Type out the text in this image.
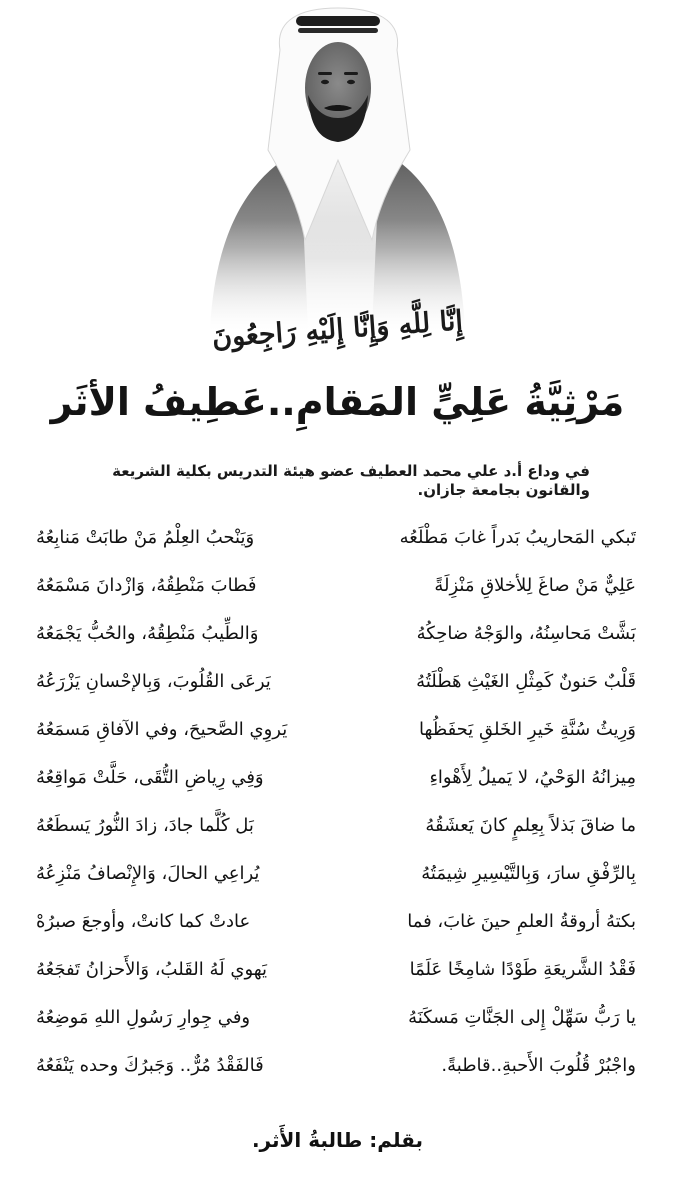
إِنَّا لِلَّهِ وَإِنَّا إِلَيْهِ رَاجِعُونَ
مَرْثِيَّةُ عَلِيٍّ المَقامِ..عَطِيفُ الأثَر
في وداع أ.د علي محمد العطيف عضو هيئة التدريس بكلية الشريعة
والقانون بجامعة جازان.
تَبكي المَحاريبُ بَدراً غابَ مَطْلَعُه
وَيَنْحبُ العِلْمُ مَنْ طابَتْ مَنابِعُهُ
عَلِيٌّ مَنْ صاغَ لِلأخلاقِ مَنْزِلَةً
فَطابَ مَنْطِقُهُ، وَازْدانَ مَسْمَعُهُ
بَشَّتْ مَحاسِنُهُ، والوَجْهُ ضاحِكُهُ
وَالطِّيبُ مَنْطِقُهُ، والحُبُّ يَجْمَعُهُ
قَلْبٌ حَنونٌ كَمِثْلِ الغَيْثِ هَطْلَتُهُ
يَرعَى القُلُوبَ، وَبِالإحْسانِ يَزْرَعُهُ
وَرِيثُ سُنَّةِ خَيرِ الخَلقِ يَحفَظُها
يَروِي الصَّحيحَ، وفي الآفاقِ مَسمَعُهُ
مِيزانُهُ الوَحْيُ، لا يَميلُ لِأَهْواءِ
وَفِي رِياضِ التُّقَى، حَلَّتْ مَواقِعُهُ
ما ضاقَ بَذلاً بِعِلمٍ كانَ يَعشَقُهُ
بَل كُلَّما جادَ، زادَ النُّورُ يَسطَعُهُ
بِالرِّفْقِ سارَ، وَبِالتَّيْسِيرِ شِيمَتُهُ
يُراعِي الحالَ، وَالإِنْصافُ مَنْزِعُهُ
بكتهُ أروقةُ العلمِ حينَ غابَ، فما
عادتْ كما كانتْ، وأوجعَ صبرُهْ
فَقْدُ الشَّريعَةِ طَوْدًا شامِخًا عَلَمًا
يَهوي لَهُ القَلبُ، وَالأَحزانُ تَفجَعُهُ
يا رَبُّ سَهِّلْ إِلى الجَنَّاتِ مَسكَنَهُ
وفي جِوارِ رَسُولِ اللهِ مَوضِعُهُ
واجْبُرْ قُلُوبَ الأَحبةِ..قاطبةً.
فَالفَقْدُ مُرٌّ.. وَجَبرُكَ وحده يَنْفَعُهُ
بقلم: طالبةُ الأَثر.
